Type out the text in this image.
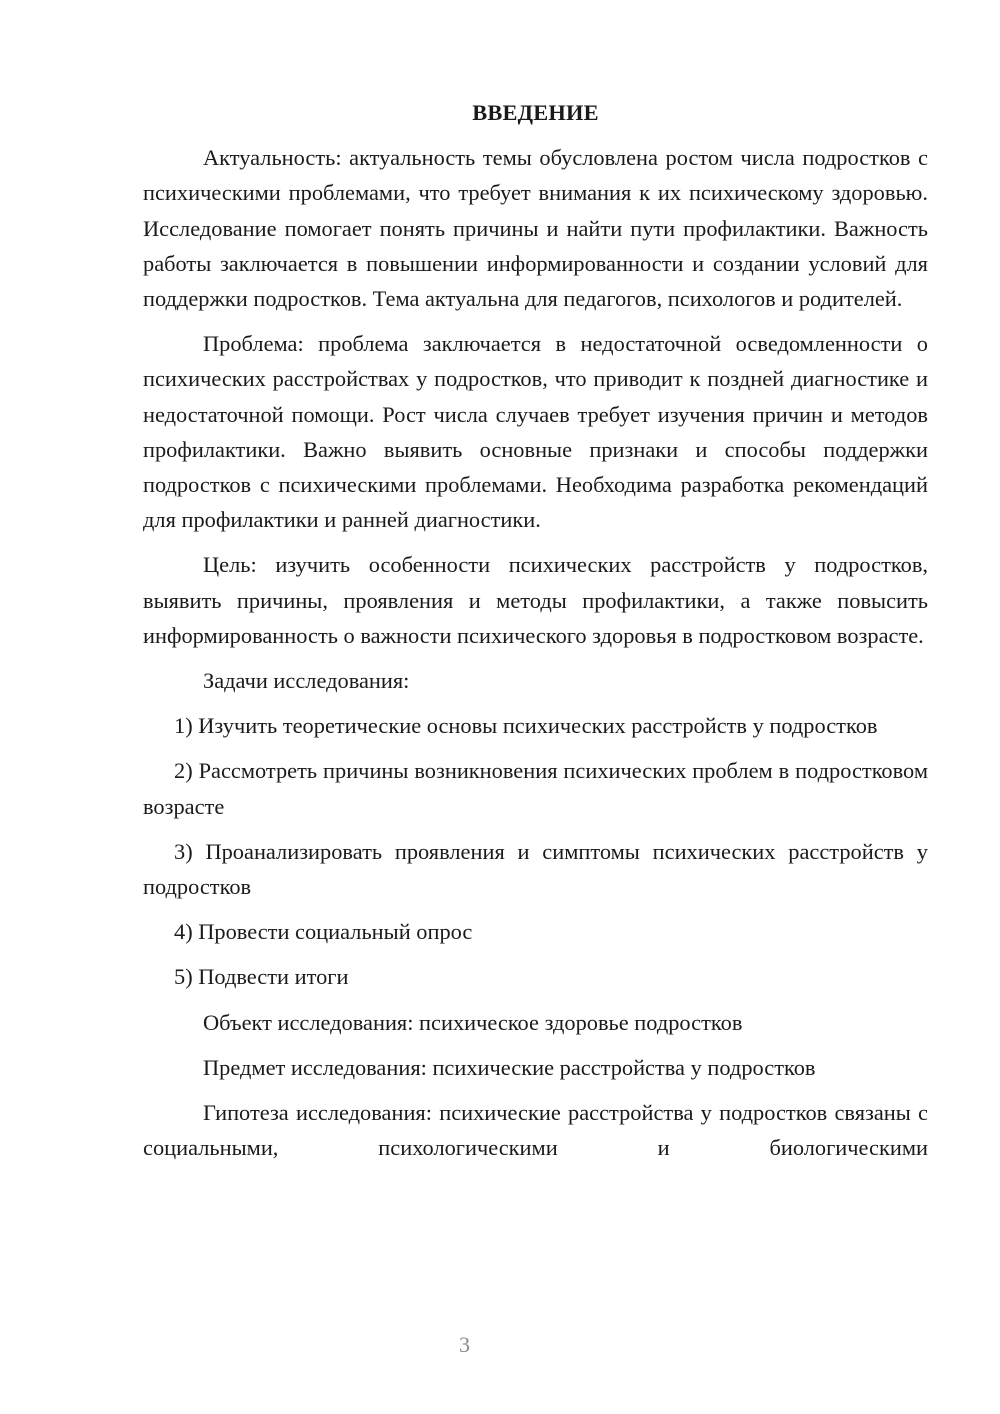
ВВЕДЕНИЕ

Актуальность: актуальность темы обусловлена ростом числа подростков с психическими проблемами, что требует внимания к их психическому здоровью. Исследование помогает понять причины и найти пути профилактики. Важность работы заключается в повышении информированности и создании условий для поддержки подростков. Тема актуальна для педагогов, психологов и родителей.

Проблема: проблема заключается в недостаточной осведомленности о психических расстройствах у подростков, что приводит к поздней диагностике и недостаточной помощи. Рост числа случаев требует изучения причин и методов профилактики. Важно выявить основные признаки и способы поддержки подростков с психическими проблемами. Необходима разработка рекомендаций для профилактики и ранней диагностики.

Цель: изучить особенности психических расстройств у подростков, выявить причины, проявления и методы профилактики, а также повысить информированность о важности психического здоровья в подростковом возрасте.

Задачи исследования:

1) Изучить теоретические основы психических расстройств у подростков

2) Рассмотреть причины возникновения психических проблем в подростковом возрасте

3) Проанализировать проявления и симптомы психических расстройств у подростков

4) Провести социальный опрос

5) Подвести итоги

Объект исследования: психическое здоровье подростков

Предмет исследования: психические расстройства у подростков

Гипотеза исследования: психические расстройства у подростков связаны с социальными, психологическими и биологическими

3
